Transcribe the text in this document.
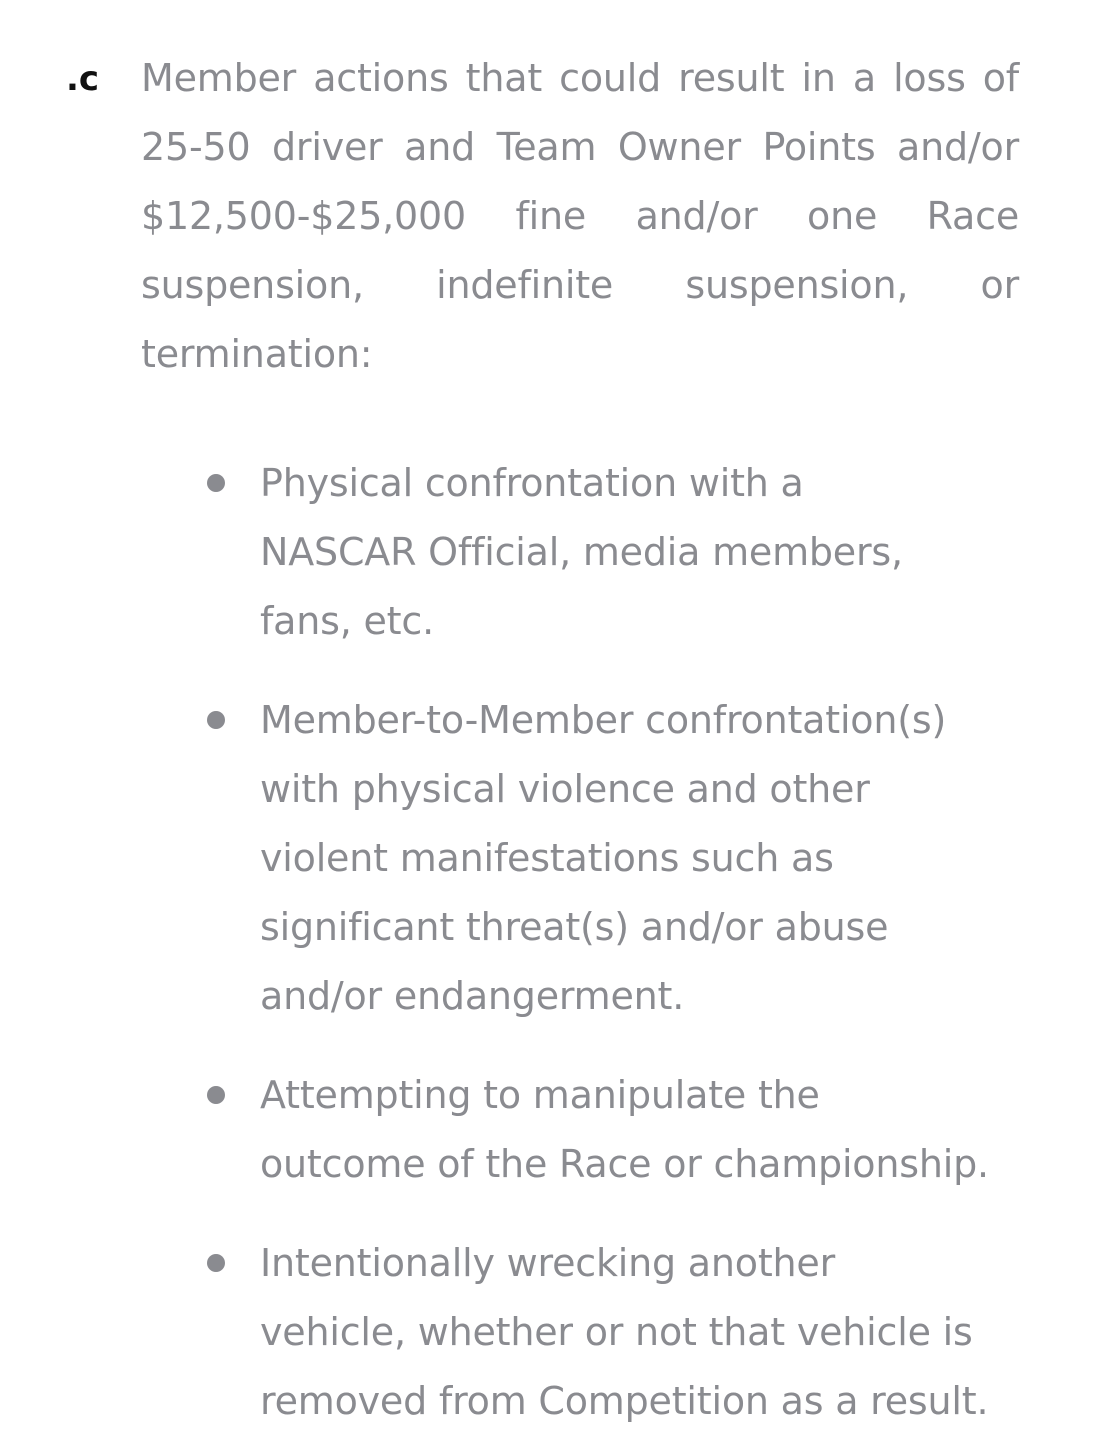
.c Member actions that could result in a loss of 25-50 driver and Team Owner Points and/or $12,500-$25,000 fine and/or one Race suspension, indefinite suspension, or termination:
Physical confrontation with a
NASCAR Official, media members,
fans, etc.
Member-to-Member confrontation(s)
with physical violence and other
violent manifestations such as
significant threat(s) and/or abuse
and/or endangerment.
Attempting to manipulate the
outcome of the Race or championship.
Intentionally wrecking another
vehicle, whether or not that vehicle is
removed from Competition as a result.
